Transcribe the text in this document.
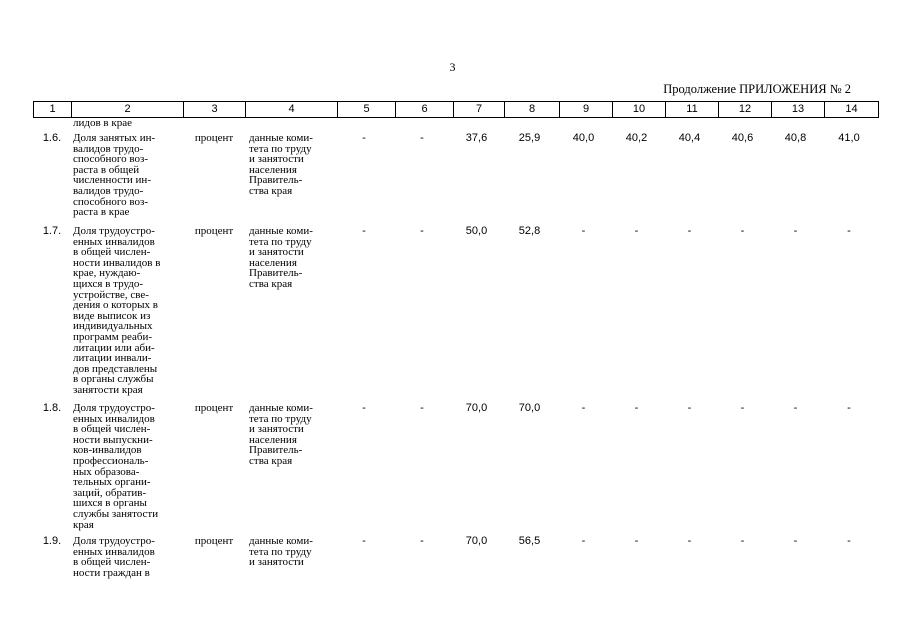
3
Продолжение ПРИЛОЖЕНИЯ № 2
1	2	3	4	5	6	7	8	9	10	11	12	13	14
лидов в крае
1.6.	Доля занятых ин-
валидов трудо-
способного воз-
раста в общей
численности ин-
валидов трудо-
способного воз-
раста в крае
процент	данные коми-
тета по труду
и занятости
населения
Правитель-
ства края
-	-	37,6	25,9	40,0	40,2	40,4	40,6	40,8	41,0
1.7.	Доля трудоустро-
енных инвалидов
в общей числен-
ности инвалидов в
крае, нуждаю-
щихся в трудо-
устройстве, све-
дения о которых в
виде выписок из
индивидуальных
программ реаби-
литации или аби-
литации инвали-
дов представлены
в органы службы
занятости края
процент	данные коми-
тета по труду
и занятости
населения
Правитель-
ства края
-	-	50,0	52,8	-	-	-	-	-	-
1.8.	Доля трудоустро-
енных инвалидов
в общей числен-
ности выпускни-
ков-инвалидов
профессиональ-
ных образова-
тельных органи-
заций, обратив-
шихся в органы
службы занятости
края
процент	данные коми-
тета по труду
и занятости
населения
Правитель-
ства края
-	-	70,0	70,0	-	-	-	-	-	-
1.9.	Доля трудоустро-
енных инвалидов
в общей числен-
ности граждан в
процент	данные коми-
тета по труду
и занятости
-	-	70,0	56,5	-	-	-	-	-	-
